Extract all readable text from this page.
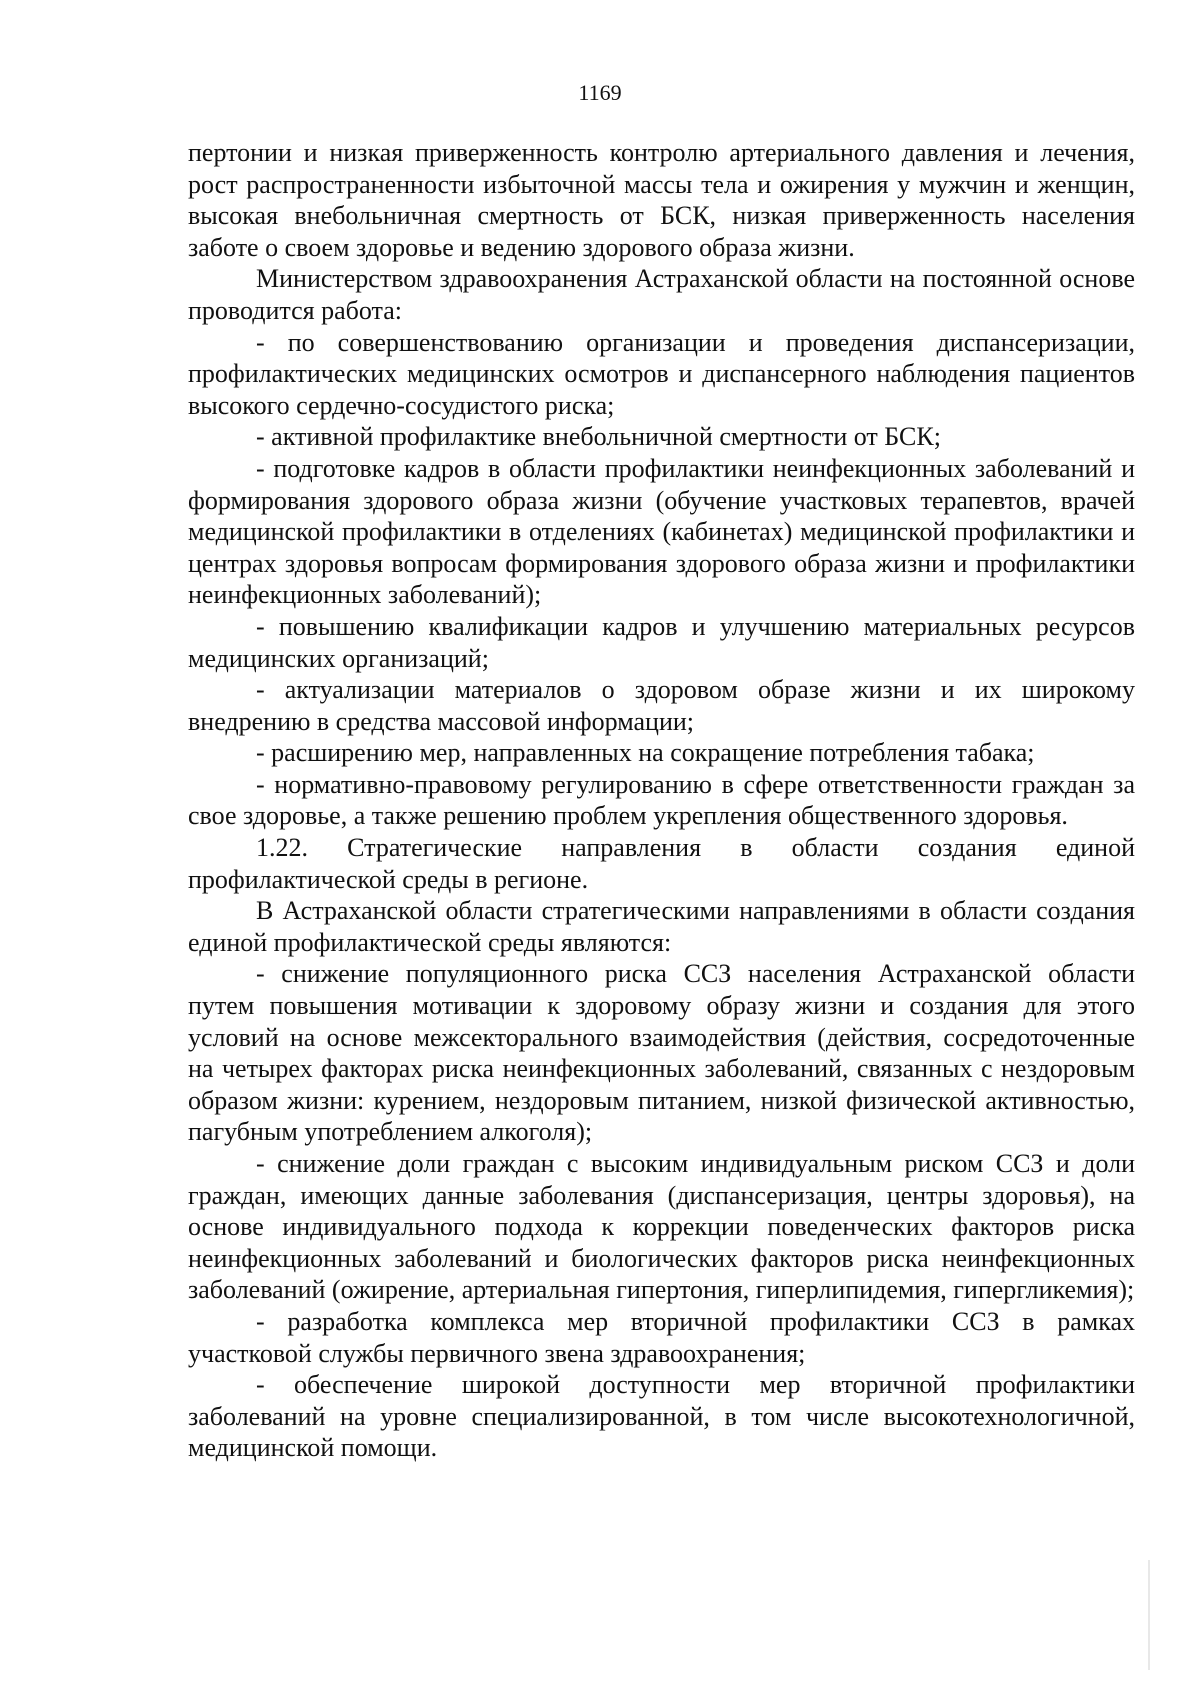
1169

пертонии и низкая приверженность контролю артериального давления и лечения, рост распространенности избыточной массы тела и ожирения у мужчин и женщин, высокая внебольничная смертность от БСК, низкая приверженность населения заботе о своем здоровье и ведению здорового образа жизни.

Министерством здравоохранения Астраханской области на постоянной основе проводится работа:

- по совершенствованию организации и проведения диспансеризации, профилактических медицинских осмотров и диспансерного наблюдения пациентов высокого сердечно-сосудистого риска;

- активной профилактике внебольничной смертности от БСК;

- подготовке кадров в области профилактики неинфекционных заболеваний и формирования здорового образа жизни (обучение участковых терапевтов, врачей медицинской профилактики в отделениях (кабинетах) медицинской профилактики и центрах здоровья вопросам формирования здорового образа жизни и профилактики неинфекционных заболеваний);

- повышению квалификации кадров и улучшению материальных ресурсов медицинских организаций;

- актуализации материалов о здоровом образе жизни и их широкому внедрению в средства массовой информации;

- расширению мер, направленных на сокращение потребления табака;

- нормативно-правовому регулированию в сфере ответственности граждан за свое здоровье, а также решению проблем укрепления общественного здоровья.

1.22. Стратегические направления в области создания единой профилактической среды в регионе.

В Астраханской области стратегическими направлениями в области создания единой профилактической среды являются:

- снижение популяционного риска ССЗ населения Астраханской области путем повышения мотивации к здоровому образу жизни и создания для этого условий на основе межсекторального взаимодействия (действия, сосредоточенные на четырех факторах риска неинфекционных заболеваний, связанных с нездоровым образом жизни: курением, нездоровым питанием, низкой физической активностью, пагубным употреблением алкоголя);

- снижение доли граждан с высоким индивидуальным риском ССЗ и доли граждан, имеющих данные заболевания (диспансеризация, центры здоровья), на основе индивидуального подхода к коррекции поведенческих факторов риска неинфекционных заболеваний и биологических факторов риска неинфекционных заболеваний (ожирение, артериальная гипертония, гиперлипидемия, гипергликемия);

- разработка комплекса мер вторичной профилактики ССЗ в рамках участковой службы первичного звена здравоохранения;

- обеспечение широкой доступности мер вторичной профилактики заболеваний на уровне специализированной, в том числе высокотехнологичной, медицинской помощи.
